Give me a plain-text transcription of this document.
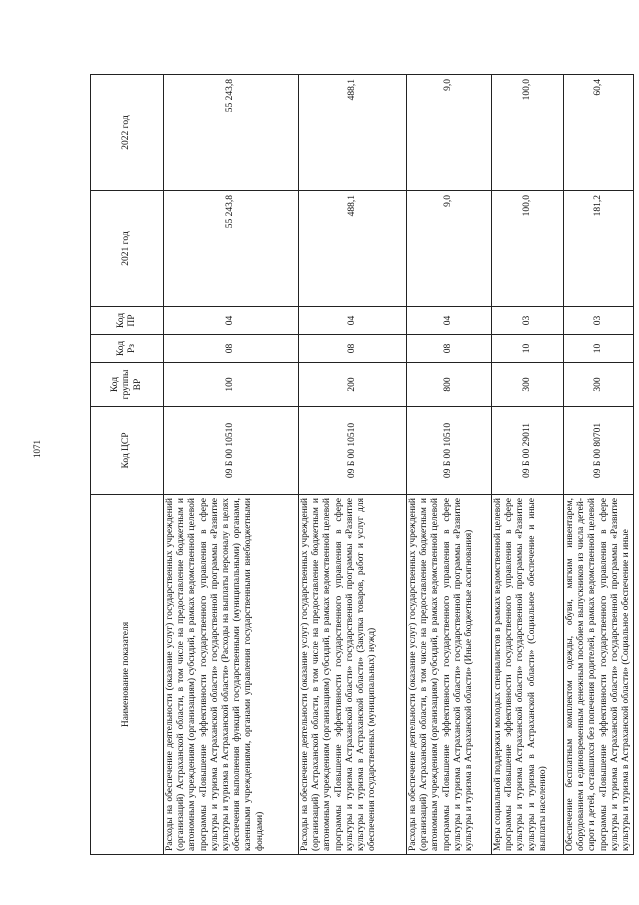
1071
Наименование показателя	Код ЦСР	Код группы ВР	Код Рз	Код ПР	2021 год	2022 год
Расходы на обеспечение деятельности (оказание услуг) государственных учреждений (организаций) Астраханской области, в том числе на предоставление бюджетным и автономным учреждениям (организациям) субсидий, в рамках ведомственной целевой программы «Повышение эффективности государственного управления в сфере культуры и туризма Астраханской области» государственной программы «Развитие культуры и туризма в Астраханской области» (Расходы на выплаты персоналу в целях обеспечения выполнения функций государственными (муниципальными) органами, казенными учреждениями, органами управления государственными внебюджетными фондами)	09 Б 00 10510	100	08	04	55 243,8	55 243,8
Расходы на обеспечение деятельности (оказание услуг) государственных учреждений (организаций) Астраханской области, в том числе на предоставление бюджетным и автономным учреждениям (организациям) субсидий, в рамках ведомственной целевой программы «Повышение эффективности государственного управления в сфере культуры и туризма Астраханской области» государственной программы «Развитие культуры и туризма в Астраханской области» (Закупка товаров, работ и услуг для обеспечения государственных (муниципальных) нужд)	09 Б 00 10510	200	08	04	488,1	488,1
Расходы на обеспечение деятельности (оказание услуг) государственных учреждений (организаций) Астраханской области, в том числе на предоставление бюджетным и автономным учреждениям (организациям) субсидий, в рамках ведомственной целевой программы «Повышение эффективности государственного управления в сфере культуры и туризма Астраханской области» государственной программы «Развитие культуры и туризма в Астраханской области» (Иные бюджетные ассигнования)	09 Б 00 10510	800	08	04	9,0	9,0
Меры социальной поддержки молодых специалистов в рамках ведомственной целевой программы «Повышение эффективности государственного управления в сфере культуры и туризма Астраханской области» государственной программы «Развитие культуры и туризма в Астраханской области» (Социальное обеспечение и иные выплаты населению)	09 Б 00 29011	300	10	03	100,0	100,0
Обеспечение бесплатным комплектом одежды, обуви, мягким инвентарем, оборудованием и единовременным денежным пособием выпускников из числа детей-сирот и детей, оставшихся без попечения родителей, в рамках ведомственной целевой программы «Повышение эффективности государственного управления в сфере культуры и туризма Астраханской области» государственной программы «Развитие культуры и туризма в Астраханской области» (Социальное обеспечение и иные	09 Б 00 80701	300	10	03	181,2	60,4
